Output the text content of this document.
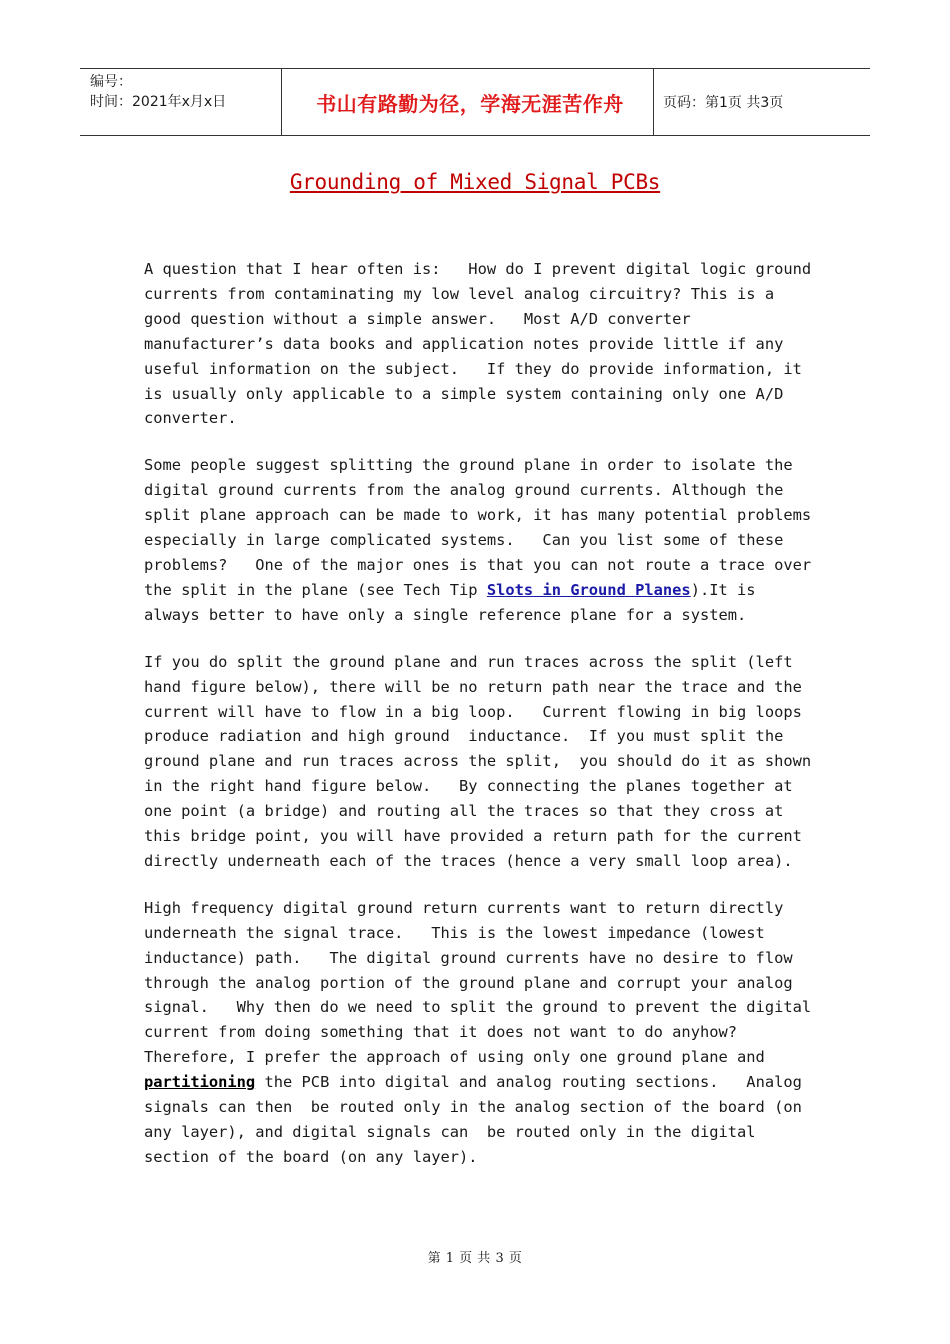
编号：
时间：2021年x月x日	书山有路勤为径，学海无涯苦作舟	页码：第1页 共3页
Grounding of Mixed Signal PCBs

A question that I hear often is:   How do I prevent digital logic ground currents from contaminating my low level analog circuitry? This is a good question without a simple answer.   Most A/D converter manufacturer’s data books and application notes provide little if any useful information on the subject.   If they do provide information, it is usually only applicable to a simple system containing only one A/D converter.

Some people suggest splitting the ground plane in order to isolate the digital ground currents from the analog ground currents. Although the split plane approach can be made to work, it has many potential problems especially in large complicated systems.   Can you list some of these problems?   One of the major ones is that you can not route a trace over the split in the plane (see Tech Tip Slots in Ground Planes).It is always better to have only a single reference plane for a system.

If you do split the ground plane and run traces across the split (left hand figure below), there will be no return path near the trace and the current will have to flow in a big loop.   Current flowing in big loops produce radiation and high ground  inductance.  If you must split the ground plane and run traces across the split,  you should do it as shown in the right hand figure below.   By connecting the planes together at one point (a bridge) and routing all the traces so that they cross at this bridge point, you will have provided a return path for the current directly underneath each of the traces (hence a very small loop area).

High frequency digital ground return currents want to return directly underneath the signal trace.   This is the lowest impedance (lowest inductance) path.   The digital ground currents have no desire to flow through the analog portion of the ground plane and corrupt your analog signal.   Why then do we need to split the ground to prevent the digital current from doing something that it does not want to do anyhow?   Therefore, I prefer the approach of using only one ground plane and partitioning the PCB into digital and analog routing sections.   Analog signals can then  be routed only in the analog section of the board (on any layer), and digital signals can  be routed only in the digital section of the board (on any layer).

第 1 页 共 3 页
